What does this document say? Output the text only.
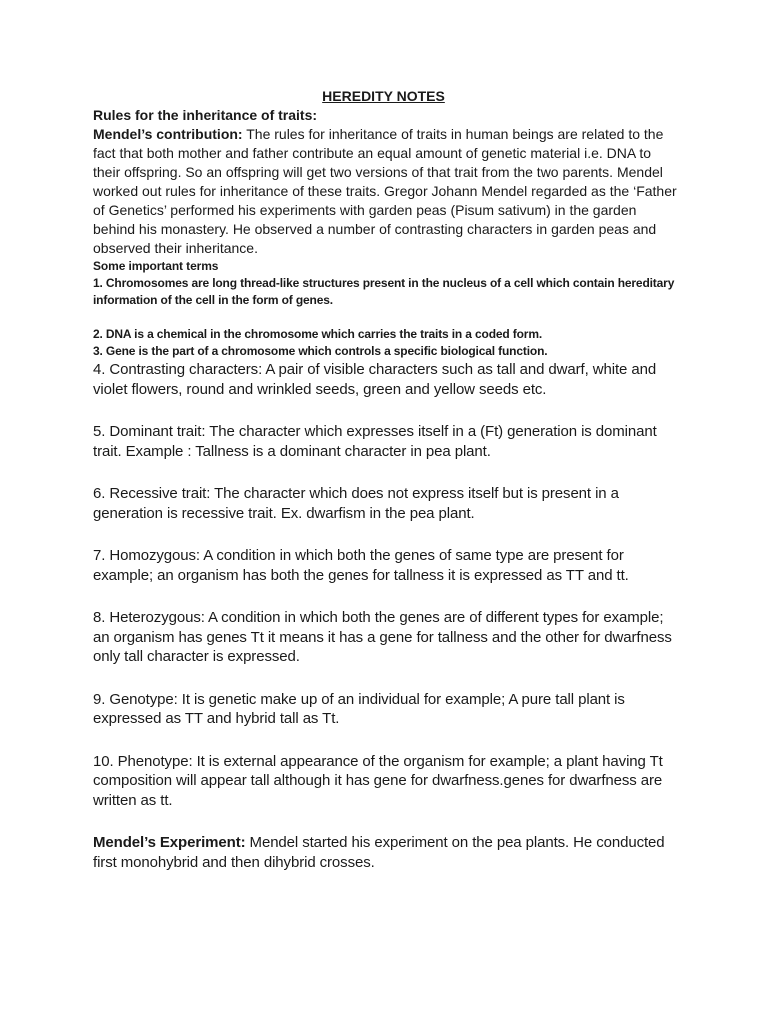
HEREDITY NOTES

Rules for the inheritance of traits:

Mendel’s contribution: The rules for inheritance of traits in human beings are related to the fact that both mother and father contribute an equal amount of genetic material i.e. DNA to their offspring. So an offspring will get two versions of that trait from the two parents. Mendel worked out rules for inheritance of these traits. Gregor Johann Mendel regarded as the ‘Father of Genetics’ performed his experiments with garden peas (Pisum sativum) in the garden behind his monastery. He observed a number of contrasting characters in garden peas and observed their inheritance.

Some important terms

1. Chromosomes are long thread-like structures present in the nucleus of a cell which contain hereditary information of the cell in the form of genes.

2. DNA is a chemical in the chromosome which carries the traits in a coded form.

3. Gene is the part of a chromosome which controls a specific biological function.

4. Contrasting characters: A pair of visible characters such as tall and dwarf, white and violet flowers, round and wrinkled seeds, green and yellow seeds etc.

5. Dominant trait: The character which expresses itself in a (Ft) generation is dominant trait. Example : Tallness is a dominant character in pea plant.

6. Recessive trait: The character which does not express itself but is present in a generation is recessive trait. Ex. dwarfism in the pea plant.

7. Homozygous: A condition in which both the genes of same type are present for example; an organism has both the genes for tallness it is expressed as TT and tt.

8. Heterozygous: A condition in which both the genes are of different types for example; an organism has genes Tt it means it has a gene for tallness and the other for dwarfness only tall character is expressed.

9. Genotype: It is genetic make up of an individual for example; A pure tall plant is expressed as TT and hybrid tall as Tt.

10. Phenotype: It is external appearance of the organism for example; a plant having Tt composition will appear tall although it has gene for dwarfness.genes for dwarfness are written as tt.

Mendel’s Experiment: Mendel started his experiment on the pea plants. He conducted first monohybrid and then dihybrid crosses.
